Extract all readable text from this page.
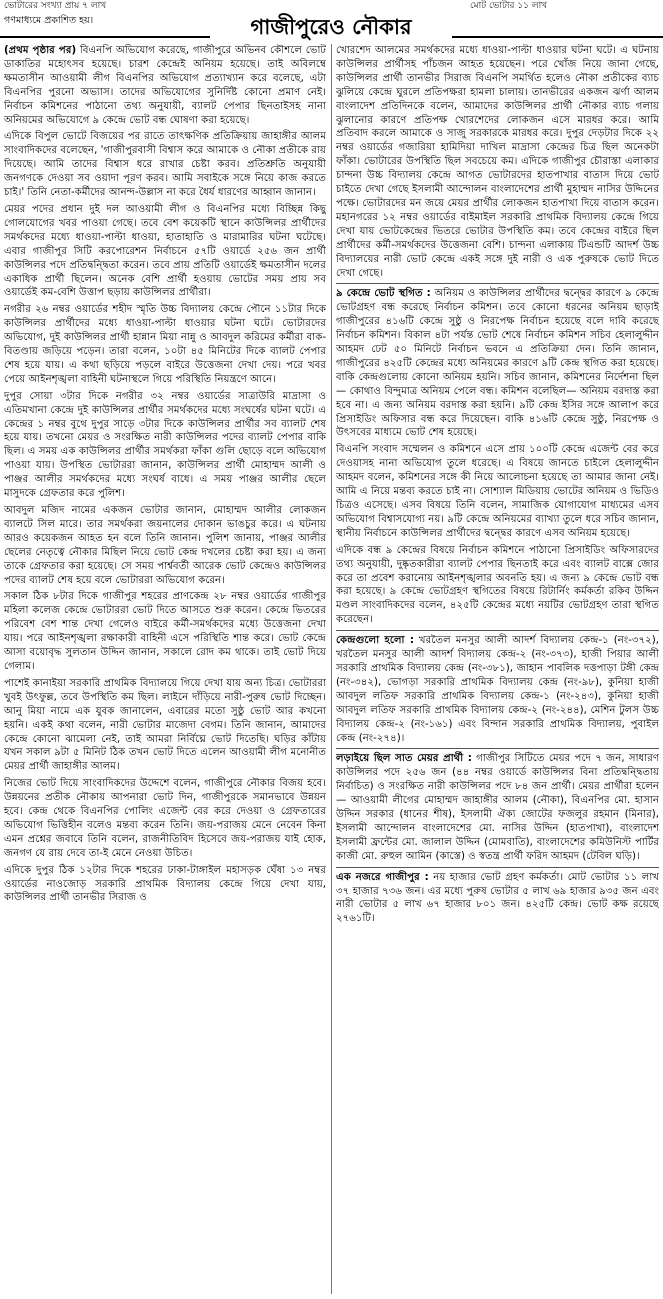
ভোটারের সংখ্যা প্রায় ৭ লাখ	মোট ভোটার ১১ লাখ
গাজীপুরেও নৌকার
গণমাধ্যমে প্রকাশিত হয়।

(প্রথম পৃষ্ঠার পর) বিএনপি অভিযোগ করেছে, গাজীপুরে অভিনব কৌশলে ভোট ডাকাতির মহোৎসব হয়েছে। চারশ কেন্দ্রেই অনিয়ম হয়েছে। তাই অবিলম্বে ক্ষমতাসীন আওয়ামী লীগ বিএনপির অভিযোগ প্রত্যাখ্যান করে বলেছে, এটা বিএনপির পুরনো অভ্যাস। তাদের অভিযোগের সুনির্দিষ্ট কোনো প্রমাণ নেই। নির্বাচন কমিশনের পাঠানো তথ্য অনুযায়ী, ব্যালট পেপার ছিনতাইসহ নানা অনিয়মের অভিযোগে ৯ কেন্দ্রে ভোট বন্ধ ঘোষণা করা হয়েছে।

এদিকে বিপুল ভোটে বিজয়ের পর রাতে তাৎক্ষণিক প্রতিক্রিয়ায় জাহাঙ্গীর আলম সাংবাদিকদের বলেছেন, 'গাজীপুরবাসী বিশ্বাস করে আমাকে ও নৌকা প্রতীকে রায় দিয়েছে। আমি তাদের বিশ্বাস ধরে রাখার চেষ্টা করব। প্রতিশ্রুতি অনুযায়ী জনগণকে দেওয়া সব ওয়াদা পূরণ করব। আমি সবাইকে সঙ্গে নিয়ে কাজ করতে চাই।' তিনি নেতা-কর্মীদের আনন্দ-উল্লাস না করে ধৈর্য ধারণের আহ্বান জানান।

মেয়র পদের প্রধান দুই দল আওয়ামী লীগ ও বিএনপির মধ্যে বিচ্ছিন্ন কিছু গোলযোগের খবর পাওয়া গেছে। তবে বেশ কয়েকটি স্থানে কাউন্সিলর প্রার্থীদের সমর্থকদের মধ্যে ধাওয়া-পাল্টা ধাওয়া, হাতাহাতি ও মারামারির ঘটনা ঘটেছে। এবার গাজীপুর সিটি করপোরেশন নির্বাচনে ৫৭টি ওয়ার্ডে ২৫৬ জন প্রার্থী কাউন্সিলর পদে প্রতিদ্বন্দ্বিতা করেন। তবে প্রায় প্রতিটি ওয়ার্ডেই ক্ষমতাসীন দলের একাধিক প্রার্থী ছিলেন। অনেক বেশি প্রার্থী হওয়ায় ভোটের সময় প্রায় সব ওয়ার্ডেই কম-বেশি উত্তাপ ছড়ায় কাউন্সিলর প্রার্থীরা।

নগরীর ২৬ নম্বর ওয়ার্ডের শহীদ স্মৃতি উচ্চ বিদ্যালয় কেন্দ্রে পৌনে ১১টার দিকে কাউন্সিলর প্রার্থীদের মধ্যে ধাওয়া-পাল্টা ধাওয়ার ঘটনা ঘটে। ভোটারদের অভিযোগ, দুই কাউন্সিলর প্রার্থী হান্নান মিয়া নান্নু ও আবদুল করিমের কর্মীরা বাক-বিতণ্ডায় জড়িয়ে পড়েন। তারা বলেন, ১০টা ৪৫ মিনিটের দিকে ব্যালট পেপার শেষ হয়ে যায়। এ কথা ছড়িয়ে পড়লে বাইরে উত্তেজনা দেখা দেয়। পরে খবর পেয়ে আইনশৃঙ্খলা বাহিনী ঘটনাস্থলে গিয়ে পরিস্থিতি নিয়ন্ত্রণে আনে।

দুপুর সোয়া ৩টার দিকে নগরীর ৩২ নম্বর ওয়ার্ডের সাত্রাউরি মাদ্রাসা ও এতিমখানা কেন্দ্রে দুই কাউন্সিলর প্রার্থীর সমর্থকদের মধ্যে সংঘর্ষের ঘটনা ঘটে। এ কেন্দ্রের ১ নম্বর বুথে দুপুর সাড়ে ৩টার দিকে কাউন্সিলর প্রার্থীর সব ব্যালট শেষ হয়ে যায়। তখনো মেয়র ও সংরক্ষিত নারী কাউন্সিলর পদের ব্যালট পেপার বাকি ছিল। এ সময় এক কাউন্সিলর প্রার্থীর সমর্থকরা ফাঁকা গুলি ছোড়ে বলে অভিযোগ পাওয়া যায়। উপস্থিত ভোটাররা জানান, কাউন্সিলর প্রার্থী মোহাম্মদ আলী ও পাঞ্জর আলীর সমর্থকদের মধ্যে সংঘর্ষ বাধে। এ সময় পাঞ্জর আলীর ছেলে মাসুদকে গ্রেফতার করে পুলিশ।

আবদুল মজিদ নামের একজন ভোটার জানান, মোহাম্মদ আলীর লোকজন ব্যালটে সিল মারে। তার সমর্থকরা জয়নালের দোকান ভাঙচুর করে। এ ঘটনায় আরও কয়েকজন আহত হন বলে তিনি জানান। পুলিশ জানায়, পাঞ্জর আলীর ছেলের নেতৃত্বে নৌকার মিছিল নিয়ে ভোট কেন্দ্র দখলের চেষ্টা করা হয়। এ জন্য তাকে গ্রেফতার করা হয়েছে। সে সময় পার্শ্ববর্তী আরেক ভোট কেন্দ্রেও কাউন্সিলর পদের ব্যালট শেষ হয়ে বলে ভোটাররা অভিযোগ করেন।

সকাল ঠিক ৮টার দিকে গাজীপুর শহরের প্রাণকেন্দ্র ২৮ নম্বর ওয়ার্ডের গাজীপুর মহিলা কলেজ কেন্দ্রে ভোটাররা ভোট দিতে আসতে শুরু করেন। কেন্দ্রে ভিতরের পরিবেশ বেশ শান্ত দেখা গেলেও বাইরে কর্মী-সমর্থকদের মধ্যে উত্তেজনা দেখা যায়। পরে আইনশৃঙ্খলা রক্ষাকারী বাহিনী এসে পরিস্থিতি শান্ত করে। ভোট কেন্দ্রে আসা বয়োবৃদ্ধ সুলতান উদ্দিন জানান, সকালে রোদ কম থাকে। তাই ভোট দিয়ে গেলাম।

পাশেই কানাইয়া সরকারি প্রাথমিক বিদ্যালয়ে গিয়ে দেখা যায় অন্য চিত্র। ভোটাররা খুবই উৎফুল্ল, তবে উপস্থিতি কম ছিল। লাইনে দাঁড়িয়ে নারী-পুরুষ ভোট দিচ্ছেন। আনু মিয়া নামে এক যুবক জানালেন, এবারের মতো সুষ্ঠু ভোট আর কখনো হয়নি। একই কথা বলেন, নারী ভোটার মাজেদা বেগম। তিনি জানান, আমাদের কেন্দ্রে কোনো ঝামেলা নেই, তাই আমরা নির্বিঘ্নে ভোট দিতেছি। ঘড়ির কাঁটায় যখন সকাল ৯টা ৫ মিনিট ঠিক তখন ভোট দিতে এলেন আওয়ামী লীগ মনোনীত মেয়র প্রার্থী জাহাঙ্গীর আলম।

নিজের ভোট দিয়ে সাংবাদিকদের উদ্দেশে বলেন, গাজীপুরে নৌকার বিজয় হবে। উন্নয়নের প্রতীক নৌকায় আপনারা ভোট দিন, গাজীপুরকে সমানভাবে উন্নয়ন হবে। কেন্দ্র থেকে বিএনপির পোলিং এজেন্ট বের করে দেওয়া ও গ্রেফতারের অভিযোগ ভিত্তিহীন বলেও মন্তব্য করেন তিনি। জয়-পরাজয় মেনে নেবেন কিনা এমন প্রশ্নের জবাবে তিনি বলেন, রাজনীতিবিদ হিসেবে জয়-পরাজয় যাই হোক, জনগণ যে রায় দেবে তা-ই মেনে নেওয়া উচিত।

এদিকে দুপুর ঠিক ১২টার দিকে শহরের ঢাকা-টাঙ্গাইল মহাসড়ক ঘেঁষা ১৩ নম্বর ওয়ার্ডের নাওজোড় সরকারি প্রাথমিক বিদ্যালয় কেন্দ্রে গিয়ে দেখা যায়, কাউন্সিলর প্রার্থী তানভীর সিরাজ ও

খোরশেদ আলমের সমর্থকদের মধ্যে ধাওয়া-পাল্টা ধাওয়ার ঘটনা ঘটে। এ ঘটনায় কাউন্সিলর প্রার্থীসহ পাঁচজন আহত হয়েছেন। পরে খোঁজ নিয়ে জানা গেছে, কাউন্সিলর প্রার্থী তানভীর সিরাজ বিএনপি সমর্থিত হলেও নৌকা প্রতীকের ব্যাচ ঝুলিয়ে কেন্দ্রে ঘুরলে প্রতিপক্ষরা হামলা চালায়। তানভীরের একজন ঝর্ণা আলম বাংলাদেশ প্রতিদিনকে বলেন, আমাদের কাউন্সিলর প্রার্থী নৌকার ব্যাচ গলায় ঝুলানোর কারণে প্রতিপক্ষ খোরশেদের লোকজন এসে মারধর করে। আমি প্রতিবাদ করলে আমাকে ও সাজু সরকারকে মারধর করে। দুপুর দেড়টার দিকে ২২ নম্বর ওয়ার্ডের গজারিয়া হামিদিয়া দাখিল মাদ্রাসা কেন্দ্রের চিত্র ছিল অনেকটা ফাঁকা। ভোটারের উপস্থিতি ছিল সবচেয়ে কম। এদিকে গাজীপুর চৌরাস্তা এলাকার চান্দনা উচ্চ বিদ্যালয় কেন্দ্রে আগত ভোটারদের হাতপাখার বাতাস দিয়ে ভোট চাইতে দেখা গেছে ইসলামী আন্দোলন বাংলাদেশের প্রার্থী মুহাম্মদ নাসির উদ্দিনের পক্ষে। ভোটারদের মন জয়ে মেয়র প্রার্থীর লোকজন হাতপাখা দিয়ে বাতাস করেন। মহানগরের ১২ নম্বর ওয়ার্ডের বাইমাইল সরকারি প্রাথমিক বিদ্যালয় কেন্দ্রে গিয়ে দেখা যায় ভোটকেন্দ্রের ভিতরে ভোটার উপস্থিতি কম। তবে কেন্দ্রের বাইরে ছিল প্রার্থীদের কর্মী-সমর্থকদের উত্তেজনা বেশি। চান্দনা এলাকায় টিএন্ডটি আদর্শ উচ্চ বিদ্যালয়ের নারী ভোট কেন্দ্রে একই সঙ্গে দুই নারী ও এক পুরুষকে ভোট দিতে দেখা গেছে।

৯ কেন্দ্রে ভোট স্থগিত : অনিয়ম ও কাউন্সিলর প্রার্থীদের দ্বন্দ্বের কারণে ৯ কেন্দ্রে ভোটগ্রহণ বন্ধ করেছে নির্বাচন কমিশন। তবে কোনো ধরনের অনিয়ম ছাড়াই গাজীপুরের ৪১৬টি কেন্দ্রে সুষ্ঠু ও নিরপেক্ষ নির্বাচন হয়েছে বলে দাবি করেছে নির্বাচন কমিশন। বিকাল ৪টা পর্যন্ত ভোট শেষে নির্বাচন কমিশন সচিব হেলালুদ্দীন আহমদ ঢেট ৫০ মিনিটে নির্বাচন ভবনে এ প্রতিক্রিয়া দেন। তিনি জানান, গাজীপুরের ৪২৫টি কেন্দ্রের মধ্যে অনিয়মের কারণে ৯টি কেন্দ্র স্থগিত করা হয়েছে। বাকি কেন্দ্রগুলোয় কোনো অনিয়ম হয়নি। সচিব জানান, কমিশনের নির্দেশনা ছিল— কোথাও বিন্দুমাত্র অনিয়ম পেলে বন্ধ। কমিশন বলেছিল— অনিয়ম বরদাস্ত করা হবে না। এ জন্য অনিয়ম বরদাস্ত করা হয়নি। ৯টি কেন্দ্র ইসির সঙ্গে আলাপ করে প্রিসাইডিং অফিসার বন্ধ করে দিয়েছেন। বাকি ৪১৬টি কেন্দ্রে সুষ্ঠু, নিরপেক্ষ ও উৎসবের মাধ্যমে ভোট শেষ হয়েছে।

বিএনপি সংবাদ সম্মেলন ও কমিশনে এসে প্রায় ১০০টি কেন্দ্রে এজেন্ট বের করে দেওয়াসহ নানা অভিযোগ তুলে ধরেছে। এ বিষয়ে জানতে চাইলে হেলালুদ্দীন আহমদ বলেন, কমিশনের সঙ্গে কী নিয়ে আলোচনা হয়েছে তা আমার জানা নেই। আমি এ নিয়ে মন্তব্য করতে চাই না। সোশ্যাল মিডিয়ায় ভোটের অনিয়ম ও ভিডিও চিত্রও এসেছে। এসব বিষয়ে তিনি বলেন, সামাজিক যোগাযোগ মাধ্যমের এসব অভিযোগ বিশ্বাসযোগ্য নয়। ৯টি কেন্দ্রে অনিয়মের ব্যাখ্যা তুলে ধরে সচিব জানান, স্থানীয় নির্বাচনে কাউন্সিলর প্রার্থীদের দ্বন্দ্বের কারণে এসব অনিয়ম হয়েছে।

এদিকে বন্ধ ৯ কেন্দ্রের বিষয়ে নির্বাচন কমিশনে পাঠানো প্রিসাইডিং অফিসারদের তথ্য অনুযায়ী, দুষ্কৃতকারীরা ব্যালট পেপার ছিনতাই করে এবং ব্যালট বাক্সে জোর করে তা প্রবেশ করানোয় আইনশৃঙ্খলার অবনতি হয়। এ জন্য ৯ কেন্দ্রে ভোট বন্ধ করা হয়েছে। ৯ কেন্দ্রে ভোটগ্রহণ স্থগিতের বিষয়ে রিটার্নিং কর্মকর্তা রকিব উদ্দিন মণ্ডল সাংবাদিকদের বলেন, ৪২৫টি কেন্দ্রের মধ্যে নয়টির ভোটগ্রহণ তারা স্থগিত করেছেন।

কেন্দ্রগুলো হলো : খরতৈল মনসুর আলী আদর্শ বিদ্যালয় কেন্দ্র-১ (নং-৩৭২), খরতৈল মনসুর আলী আদর্শ বিদ্যালয় কেন্দ্র-২ (নং-৩৭৩), হাজী পিয়ার আলী সরকারি প্রাথমিক বিদ্যালয় কেন্দ্র (নং-৩৮১), জাহান পাবলিক দত্তপাড়া টঙ্গী কেন্দ্র (নং-৩৪২), ভোগড়া সরকারি প্রাথমিক বিদ্যালয় কেন্দ্র (নং-৯৮), কুনিয়া হাজী আবদুল লতিফ সরকারি প্রাথমিক বিদ্যালয় কেন্দ্র-১ (নং-২৪৩), কুনিয়া হাজী আবদুল লতিফ সরকারি প্রাথমিক বিদ্যালয় কেন্দ্র-২ (নং-২৪৪), মেশিন টুলস উচ্চ বিদ্যালয় কেন্দ্র-২ (নং-১৬১) এবং বিন্দান সরকারি প্রাথমিক বিদ্যালয়, পুবাইল কেন্দ্র (নং-২৭৪)।

লড়াইয়ে ছিল সাত মেয়র প্রার্থী : গাজীপুর সিটিতে মেয়র পদে ৭ জন, সাধারণ কাউন্সিলর পদে ২৫৬ জন (৪৪ নম্বর ওয়ার্ডে কাউন্সিলর বিনা প্রতিদ্বন্দ্বিতায় নির্বাচিত) ও সংরক্ষিত নারী কাউন্সিলর পদে ৮৪ জন প্রার্থী। মেয়র প্রার্থীরা হলেন— আওয়ামী লীগের মোহাম্মদ জাহাঙ্গীর আলম (নৌকা), বিএনপির মো. হাসান উদ্দিন সরকার (ধানের শীষ), ইসলামী ঐক্য জোটের ফজলুর রহমান (মিনার), ইসলামী আন্দোলন বাংলাদেশের মো. নাসির উদ্দিন (হাতপাখা), বাংলাদেশ ইসলামী ফ্রন্টের মো. জালাল উদ্দিন (মোমবাতি), বাংলাদেশের কমিউনিস্ট পার্টির কাজী মো. রুহুল আমিন (কাস্তে) ও স্বতন্ত্র প্রার্থী ফরিদ আহমদ (টেবিল ঘড়ি)।

এক নজরে গাজীপুর : নয় হাজার ভোট গ্রহণ কর্মকর্তা। মোট ভোটার ১১ লাখ ৩৭ হাজার ৭৩৬ জন। এর মধ্যে পুরুষ ভোটার ৫ লাখ ৬৯ হাজার ৯৩৫ জন এবং নারী ভোটার ৫ লাখ ৬৭ হাজার ৮০১ জন। ৪২৫টি কেন্দ্র। ভোট কক্ষ রয়েছে ২৭৬১টি।
